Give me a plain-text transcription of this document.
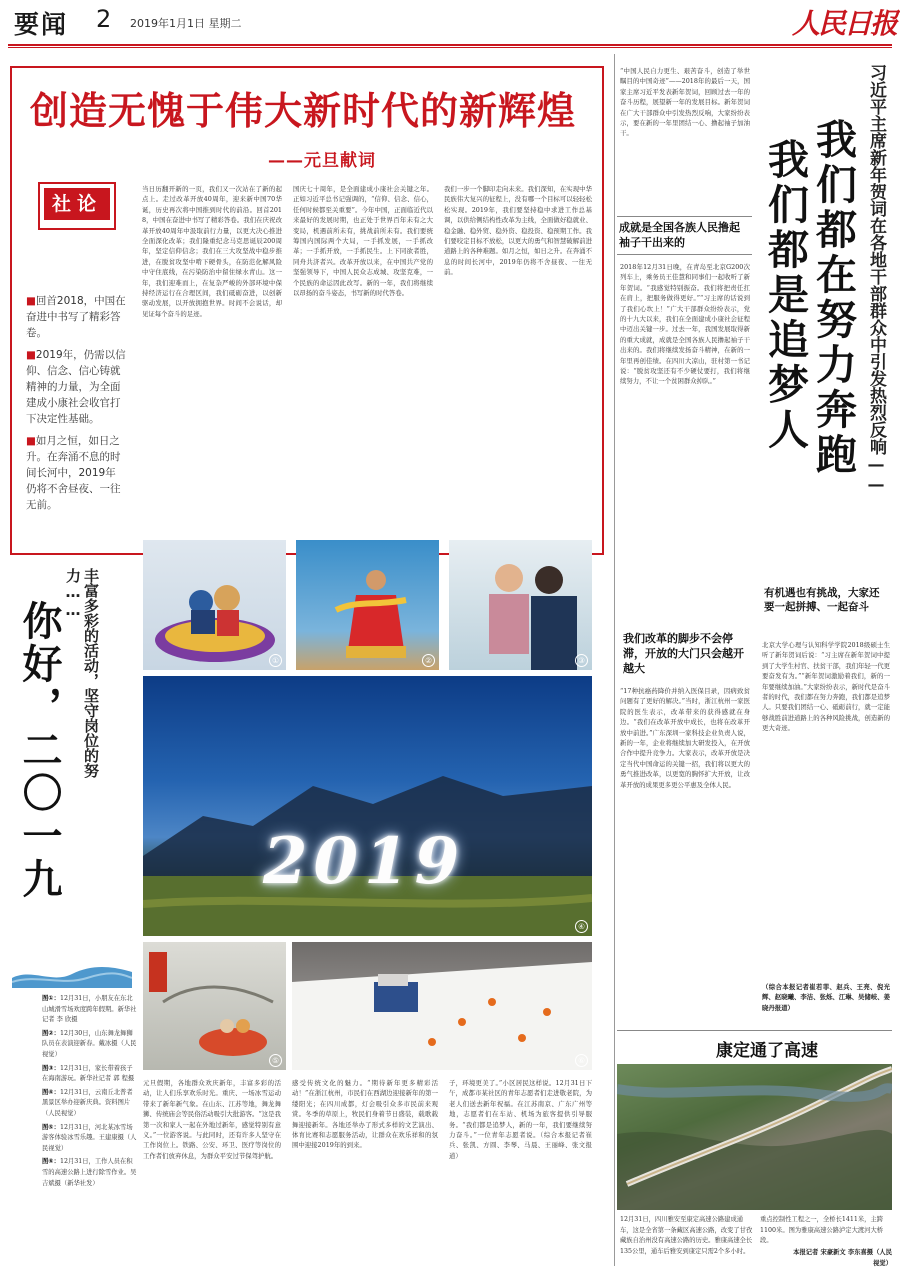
要闻 2 2019年1月1日 星期二	人民日报
创造无愧于伟大新时代的新辉煌
——元旦献词
社论
■回首2018，中国在奋进中书写了精彩答卷。
■2019年，仍需以信仰、信念、信心铸就精神的力量，为全面建成小康社会收官打下决定性基础。
■如月之恒，如日之升。在奔涌不息的时间长河中，2019年仍将不舍昼夜、一往无前。
当日历翻开新的一页，我们又一次站在了新的起点上。走过改革开放40周年，迎来新中国70华诞，历史再次将中国推到时代的前沿。回首2018，中国在奋进中书写了精彩答卷。我们在庆祝改革开放40周年中汲取前行力量，以更大决心推进全面深化改革；我们隆重纪念马克思诞辰200周年，坚定信仰信念；我们在三大攻坚战中稳步推进，在脱贫攻坚中啃下硬骨头，在防范化解风险中守住底线，在污染防治中留住绿水青山。这一年，我们迎难而上，在复杂严峻的外部环境中保持经济运行在合理区间，我们砥砺奋进，以创新驱动发展，以开放拥抱世界。时间不会说话，却见证每个奋斗的足迹。
国庆七十周年，是全面建成小康社会关键之年。正如习近平总书记强调的，“信仰、信念、信心，任何时候都至关重要”。今年中国，正面临近代以来最好的发展时期，也正处于世界百年未有之大变局，机遇前所未有，挑战前所未有。我们要统筹国内国际两个大局，一手抓发展，一手抓改革；一手抓开放，一手抓民生。上下同欲者胜，同舟共济者兴。改革开放以来，在中国共产党的坚强领导下，中国人民众志成城、攻坚克难，一个民族的命运因此改写。新的一年，我们将继续以昂扬的奋斗姿态，书写新的时代答卷。
我们一步一个脚印走向未来。我们深知，在实现中华民族伟大复兴的征程上，没有哪一个目标可以轻轻松松实现。2019年，我们要坚持稳中求进工作总基调，以供给侧结构性改革为主线，全面做好稳就业、稳金融、稳外贸、稳外资、稳投资、稳预期工作。我们要咬定目标不放松，以更大的勇气和智慧破解前进道路上的各种难题。如月之恒，如日之升。在奔涌不息的时间长河中，2019年仍将不舍昼夜、一往无前。
“中国人民自力更生、艰苦奋斗，创造了举世瞩目的中国奇迹”——2018年的最后一天，国家主席习近平发表新年贺词，回顾过去一年的奋斗历程，展望新一年的发展目标。新年贺词在广大干部群众中引发热烈反响，大家纷纷表示，要在新的一年里团结一心、撸起袖子加油干。	习近平主席新年贺词在各地干部群众中引发热烈反响——
我们都在努力奔跑
我们都是追梦人
成就是全国各族人民撸起袖子干出来的
2018年12月31日晚，在青岛至北京G200次列车上，乘务员王佳慧和同事们一起收听了新年贺词。“我感觉特别振奋。我们将把责任扛在肩上，把服务做得更好。”“习主席的话说到了我们心坎上！”广大干部群众纷纷表示，党的十九大以来，我们在全面建成小康社会征程中迈出关键一步。过去一年，我国发展取得新的重大成就，成就是全国各族人民撸起袖子干出来的。我们将继续发扬奋斗精神，在新的一年里再创佳绩。在四川大凉山，驻村第一书记说：“脱贫攻坚还有不少硬仗要打，我们将继续努力，不让一个贫困群众掉队。”
我们改革的脚步不会停滞，开放的大门只会越开越大
“17种抗癌药降价并纳入医保目录，因病致贫问题有了更好的解决。”当时，浙江杭州一家医院的医生表示，改革带来的获得感就在身边。“我们在改革开放中成长，也将在改革开放中前进。”广东深圳一家科技企业负责人说，新的一年，企业将继续加大研发投入，在开放合作中提升竞争力。大家表示，改革开放是决定当代中国命运的关键一招，我们将以更大的勇气推进改革，以更宽的胸怀扩大开放，让改革开放的成果更多更公平惠及全体人民。
有机遇也有挑战，大家还要一起拼搏、一起奋斗
北京大学心理与认知科学学院2018级硕士生听了新年贺词后说：“习主席在新年贺词中提到了大学生村官、扶贫干部，我们年轻一代更要奋发有为。”“新年贺词激励着我们，新的一年要继续加油。”大家纷纷表示，新时代是奋斗者的时代，我们都在努力奔跑，我们都是追梦人。只要我们团结一心、砥砺前行，就一定能够战胜前进道路上的各种风险挑战，创造新的更大奇迹。
（综合本报记者崔若菲、赵兵、王亮、倪光辉、赵晓曦、李洁、张烁、江琳、吴储岐、姜晓丹报道）
康定通了高速
12月31日，四川雅安至康定高速公路建成通车，这是全省第一条藏区高速公路，改变了甘孜藏族自治州没有高速公路的历史。雅康高速全长135公里，通车后雅安到康定只需2个多小时。
重点控制性工程之一，全桥长1411米，主跨1100米。图为雅康高速公路泸定大渡河大桥段。
本报记者 宋豪新文 李东喜摄（人民视觉）
丰富多彩的活动，坚守岗位的努力……
你好，二〇一九
图①：12月31日，小朋友在东北山城滑雪场欢度跨年假期。新华社记者 李 欣摄
图②：12月30日，山东舞龙舞狮队员在表演迎新春。戴冰摄（人民视觉）
图③：12月31日，家长带着孩子在海南游玩。新华社记者 郭 程摄
图④：12月31日，云南丘北普者黑景区举办迎新庆典。资料图片（人民视觉）
图⑤：12月31日，河北某冰雪场游客体验冰雪乐趣。王建康摄（人民视觉）
图⑥：12月31日，工作人员在积雪的高速公路上进行除雪作业。吴吉斌摄（新华社发）
①	②	③
2019
④
⑤	⑥
元旦假期，各地群众欢庆新年，丰富多彩的活动，让人们乐享欢乐时光。重庆、一场冰雪运动带来了新年新气象。在山东、江苏等地，舞龙舞狮、传统庙会等民俗活动吸引大批游客。“这是我第一次和家人一起在外地过新年，感觉特别有意义。”一位游客说。与此同时，还有许多人坚守在工作岗位上。铁路、公安、环卫、医疗等岗位的工作者们放弃休息，为群众平安过节保驾护航。
感受传统文化的魅力。“期待新年更多精彩活动！”在浙江杭州，市民们在西湖边迎接新年的第一缕阳光；在四川成都，灯会吸引众多市民前来观赏。冬季的草原上，牧民们身着节日盛装，载歌载舞迎接新年。各地还举办了形式多样的文艺演出、体育比赛和志愿服务活动，让群众在欢乐祥和的氛围中迎接2019年的到来。
子，环境更美了。”小区居民这样说。12月31日下午，成都市某社区的青年志愿者们走进敬老院，为老人们送去新年祝福。在江苏南京、广东广州等地，志愿者们在车站、机场为旅客提供引导服务。“我们都是追梦人，新的一年，我们要继续努力奋斗。”一位青年志愿者说。（综合本报记者崔兵、张凯、方圆、李琴、马晨、王丽峰、张文报道）
